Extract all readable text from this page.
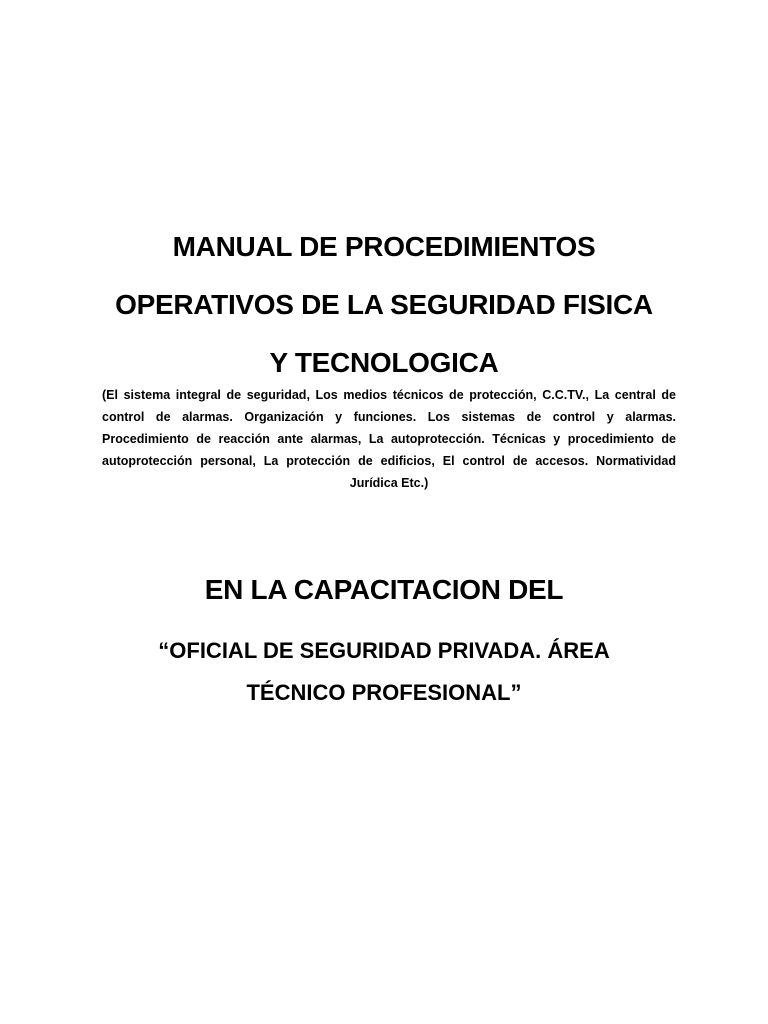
MANUAL DE PROCEDIMIENTOS
OPERATIVOS DE LA SEGURIDAD FISICA
Y TECNOLOGICA

(El sistema integral de seguridad, Los medios técnicos de protección, C.C.TV., La central de control de alarmas. Organización y funciones. Los sistemas de control y alarmas. Procedimiento de reacción ante alarmas, La autoprotección. Técnicas y procedimiento de autoprotección personal, La protección de edificios, El control de accesos. Normatividad Jurídica Etc.)

EN LA CAPACITACION DEL
“OFICIAL DE SEGURIDAD PRIVADA. ÁREA
TÉCNICO PROFESIONAL”
